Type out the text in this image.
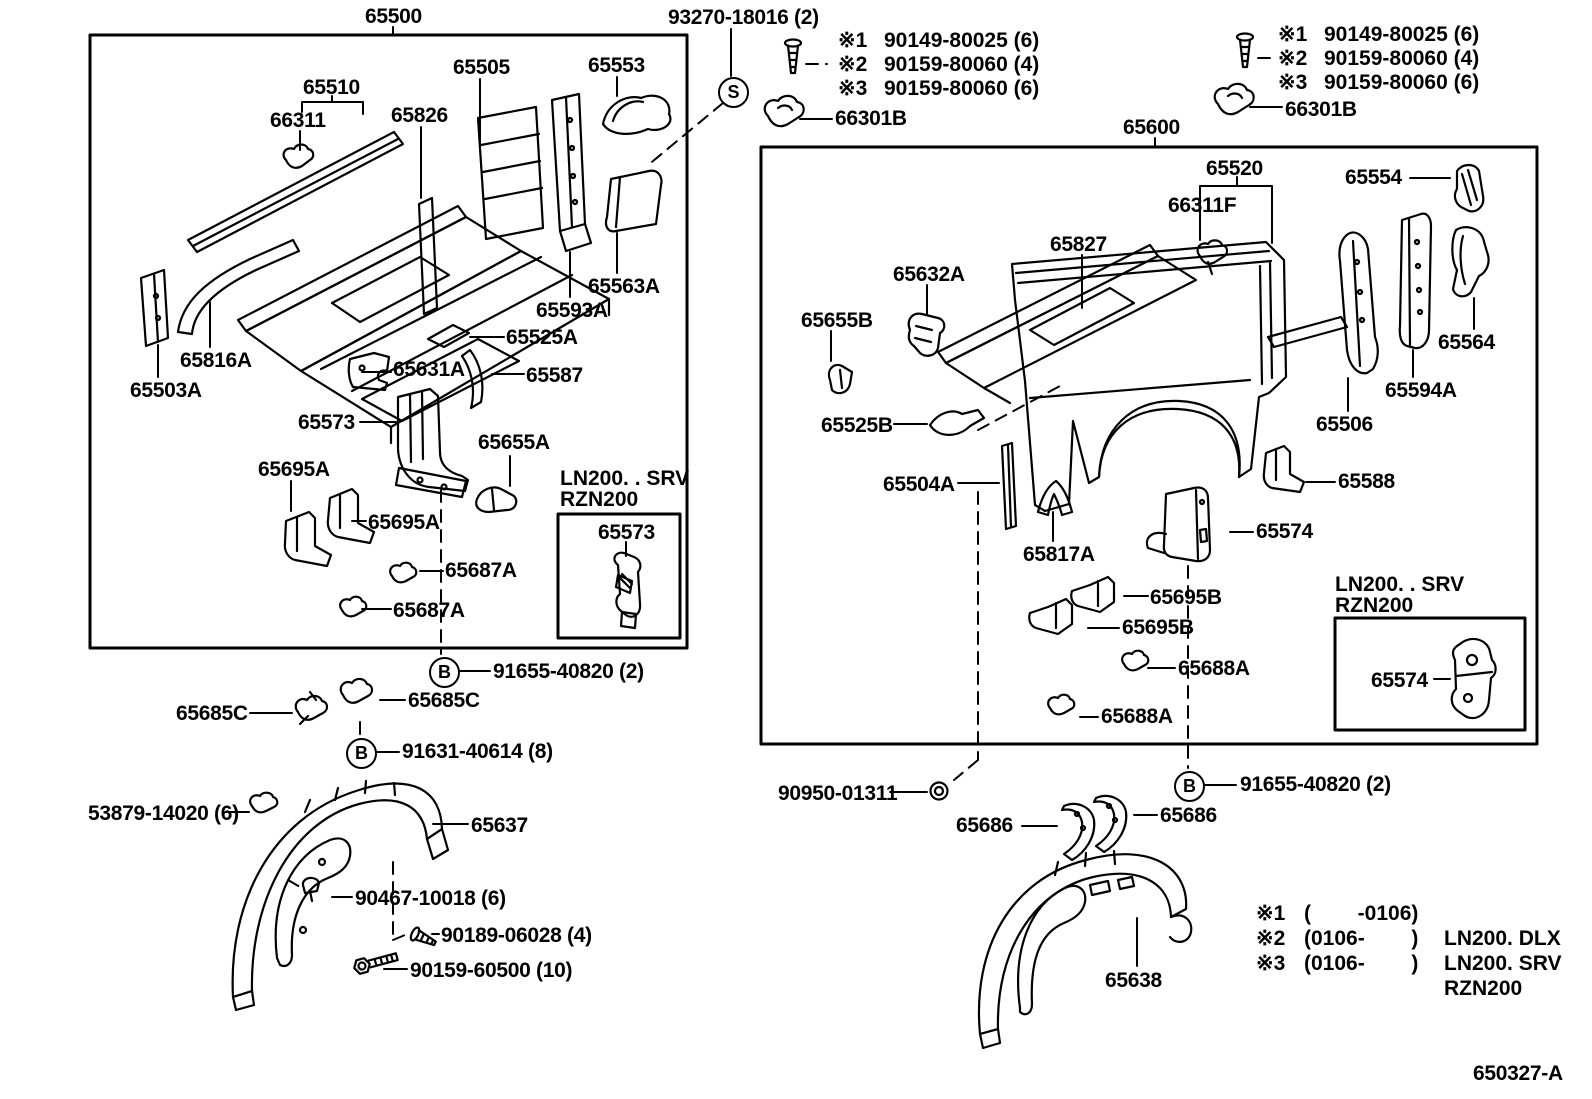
65500	93270-18016 (2)
65505	65553
65510
66311	65826
65563A
65593A
65525A
65816A
65503A
65631A	65587
65573
65655A
65695A
65695A
65687A
65687A
91655-40820 (2)
65685C
65685C
91631-40614 (8)
53879-14020 (6)
65637
90467-10018 (6)
90189-06028 (4)
90159-60500 (10)
65600
65520
66311F
65554
65827
65632A
65655B
65564
65594A
65506
65525B
65588
65504A
65574
65817A
65695B
65695B
65688A
65688A
90950-01311	91655-40820 (2)
65686	65686
65638
※1 90149-80025 (6)
※2 90159-80060 (4)
※3 90159-80060 (6)
66301B
※1 90149-80025 (6)
※2 90159-80060 (4)
※3 90159-80060 (6)
66301B
LN200. . SRV
RZN200
65573
LN200. . SRV
RZN200
65574
※1 (        -0106)
※2 (0106-        )	LN200. DLX
※3 (0106-        )	LN200. SRV
RZN200
S
B
B
B
650327-A
